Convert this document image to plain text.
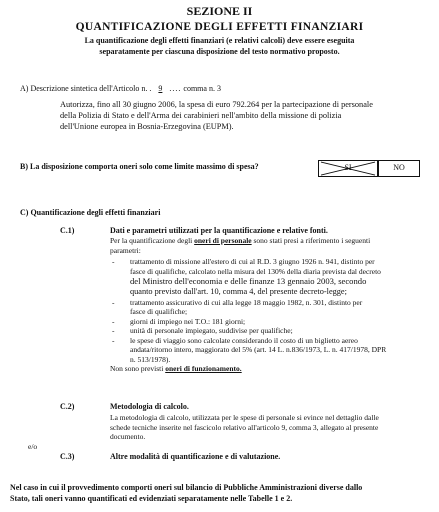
SEZIONE II
QUANTIFICAZIONE DEGLI EFFETTI FINANZIARI
La quantificazione degli effetti finanziari (e relativi calcoli) deve essere eseguita
separatamente per ciascuna disposizione del testo normativo proposto.
A) Descrizione sintetica dell'Articolo n. . 9 .... comma n. 3
Autorizza, fino all 30 giugno 2006, la spesa di euro 792.264 per la partecipazione di personale
della Polizia di Stato e dell'Arma dei carabinieri nell'ambito della missione di polizia
dell'Unione europea in Bosnia-Erzegovina (EUPM).
B) La disposizione comporta oneri solo come limite massimo di spesa?	SI	NO
C) Quantificazione degli effetti finanziari
C.1)	Dati e parametri utilizzati per la quantificazione e relative fonti.
Per la quantificazione degli oneri di personale sono stati presi a riferimento i seguenti
parametri:
- trattamento di missione all'estero di cui al R.D. 3 giugno 1926 n. 941, distinto per
fasce di qualifiche, calcolato nella misura del 130% della diaria prevista dal decreto
del Ministro dell'economia e delle finanze 13 gennaio 2003, secondo
quanto previsto dall'art. 10, comma 4, del presente decreto-legge;
- trattamento assicurativo di cui alla legge 18 maggio 1982, n. 301, distinto per
fasce di qualifiche;
- giorni di impiego nei T.O.: 181 giorni;
- unità di personale impiegato, suddivise per qualifiche;
- le spese di viaggio sono calcolate considerando il costo di un biglietto aereo
andata/ritorno intero, maggiorato del 5% (art. 14 L. n.836/1973, L. n. 417/1978, DPR
n. 513/1978).
Non sono previsti oneri di funzionamento.
C.2)	Metodologia di calcolo.
La metodologia di calcolo, utilizzata per le spese di personale si evince nel dettaglio dalle
schede tecniche inserite nel fascicolo relativo all'articolo 9, comma 3, allegato al presente
documento.
e/o
C.3)	Altre modalità di quantificazione e di valutazione.
Nel caso in cui il provvedimento comporti oneri sul bilancio di Pubbliche Amministrazioni diverse dallo
Stato, tali oneri vanno quantificati ed evidenziati separatamente nelle Tabelle 1 e 2.
